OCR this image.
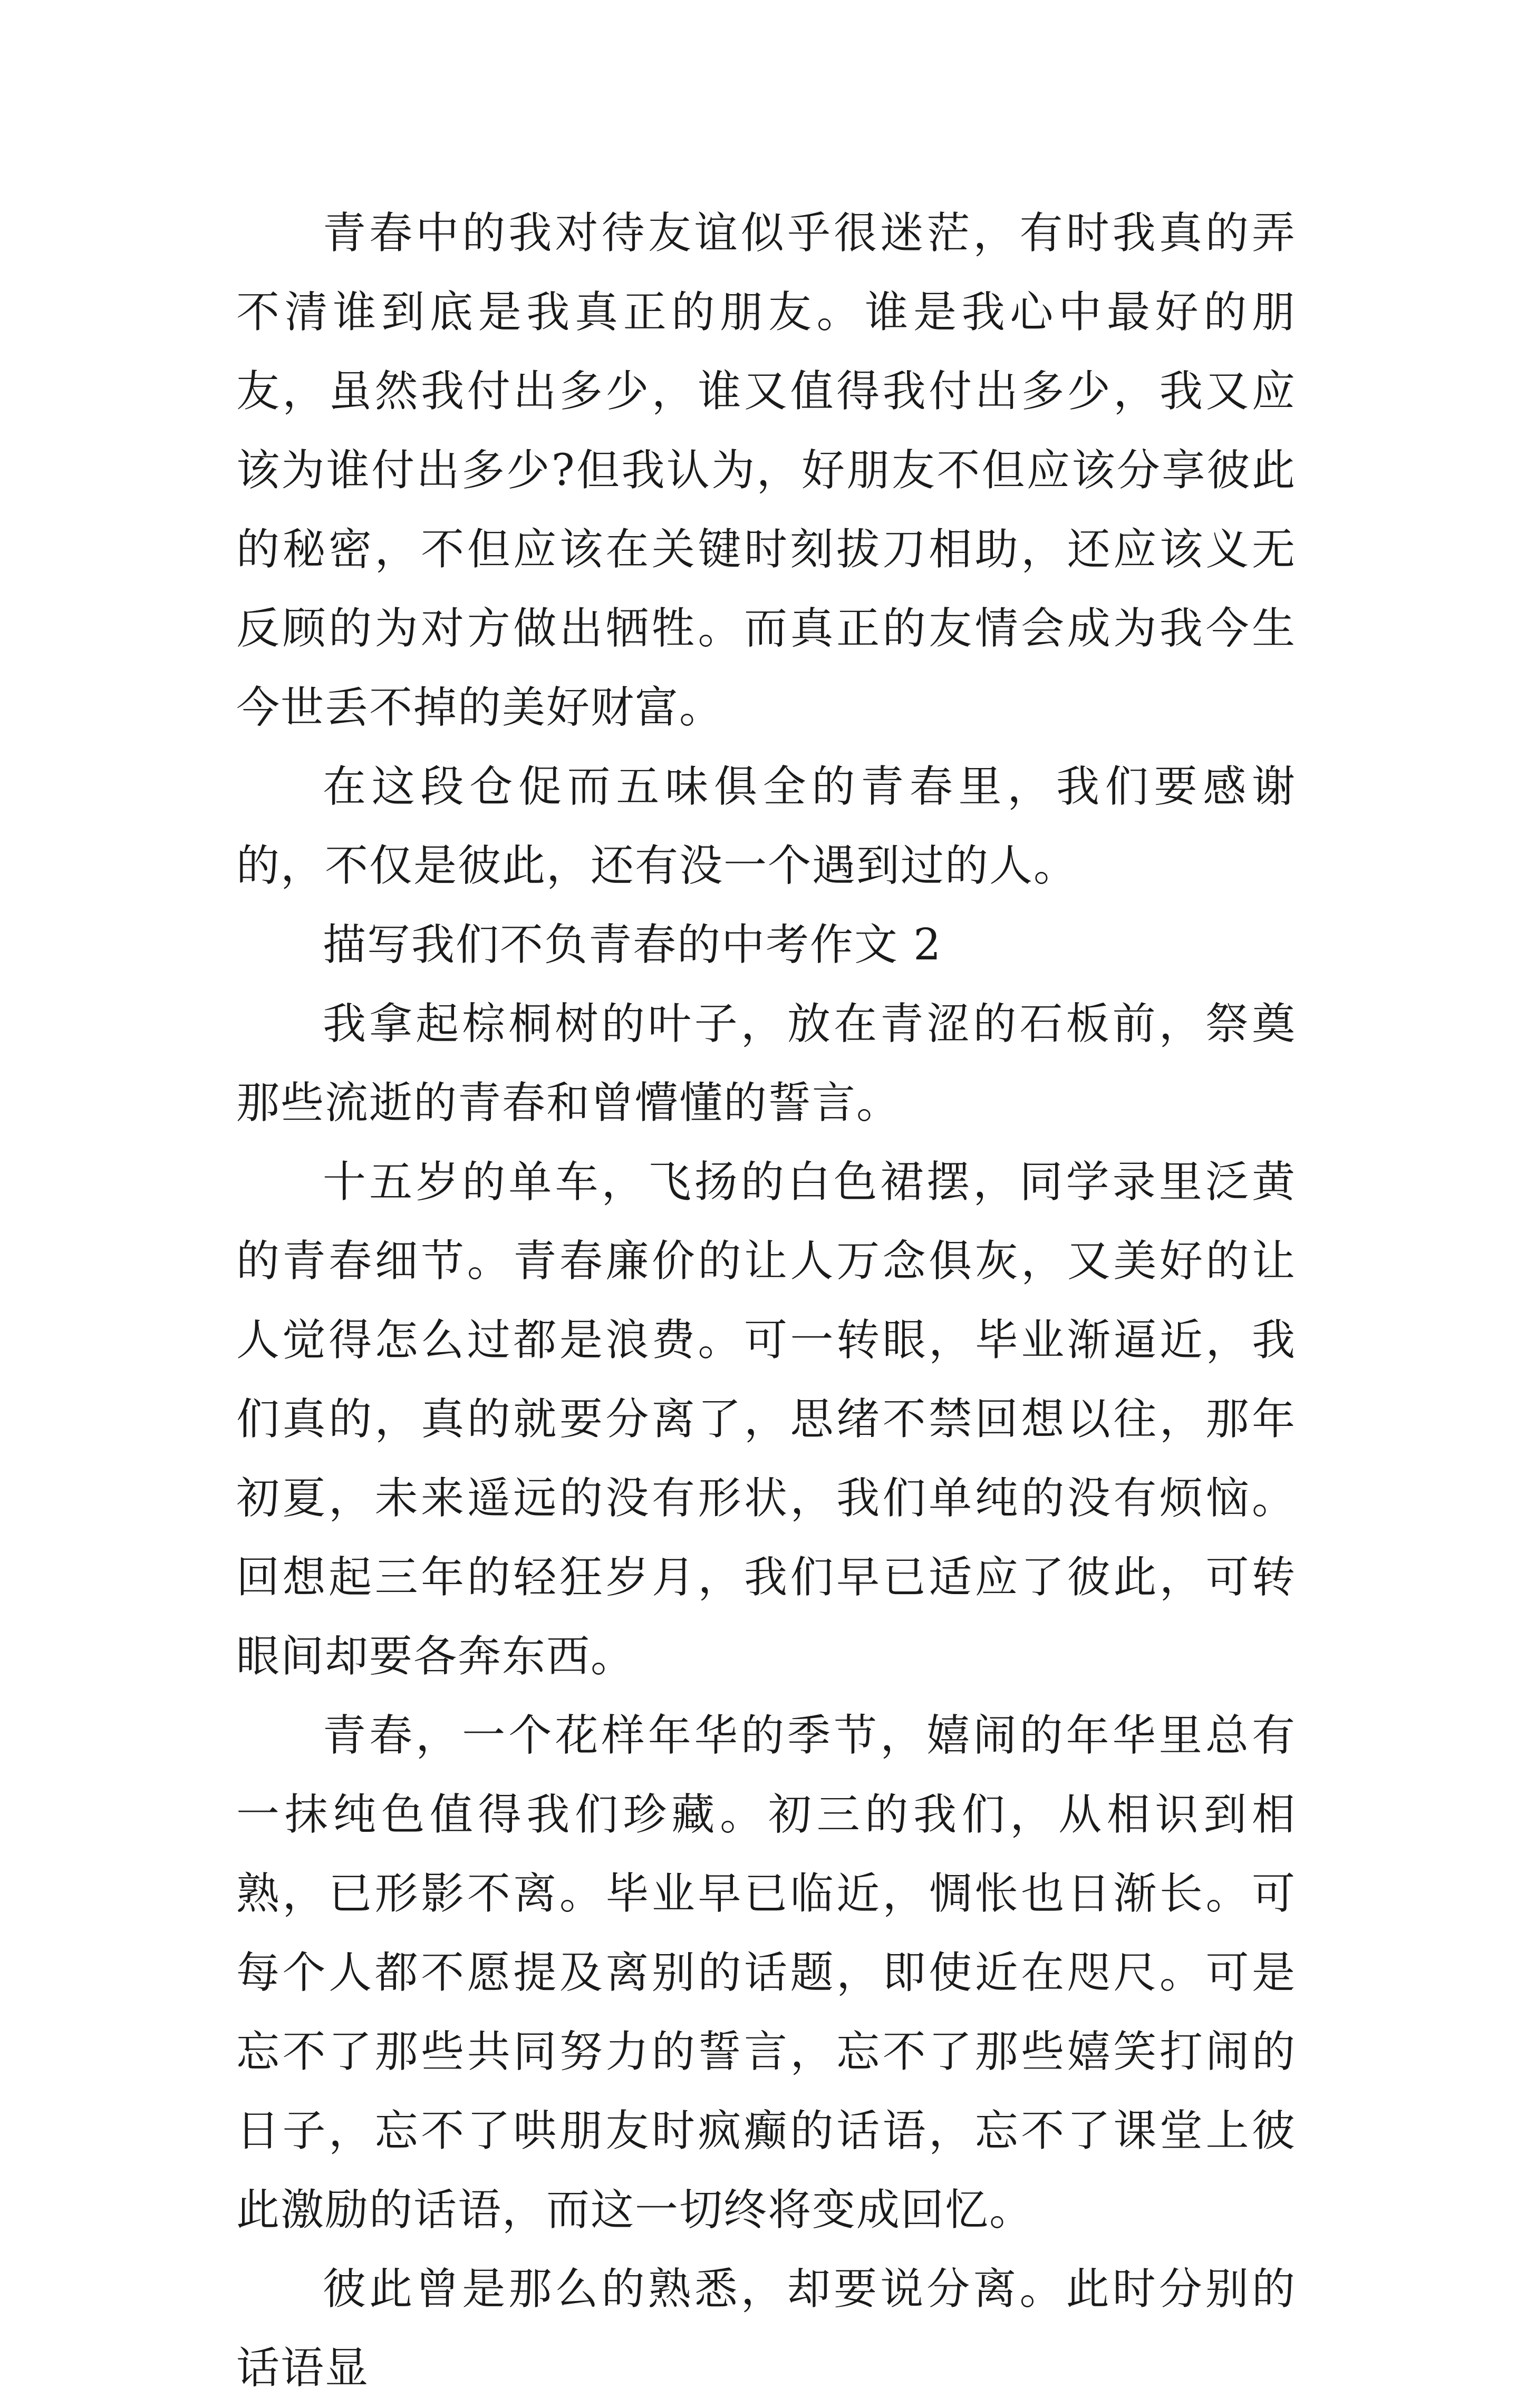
青春中的我对待友谊似乎很迷茫，有时我真的弄不清谁到底是我真正的朋友。谁是我心中最好的朋友，虽然我付出多少，谁又值得我付出多少，我又应该为谁付出多少?但我认为，好朋友不但应该分享彼此的秘密，不但应该在关键时刻拔刀相助，还应该义无反顾的为对方做出牺牲。而真正的友情会成为我今生今世丢不掉的美好财富。

在这段仓促而五味俱全的青春里，我们要感谢的，不仅是彼此，还有没一个遇到过的人。

描写我们不负青春的中考作文 2

我拿起棕桐树的叶子，放在青涩的石板前，祭奠那些流逝的青春和曾懵懂的誓言。

十五岁的单车，飞扬的白色裙摆，同学录里泛黄的青春细节。青春廉价的让人万念俱灰，又美好的让人觉得怎么过都是浪费。可一转眼，毕业渐逼近，我们真的，真的就要分离了，思绪不禁回想以往，那年初夏，未来遥远的没有形状，我们单纯的没有烦恼。回想起三年的轻狂岁月，我们早已适应了彼此，可转眼间却要各奔东西。

青春，一个花样年华的季节，嬉闹的年华里总有一抹纯色值得我们珍藏。初三的我们，从相识到相熟，已形影不离。毕业早已临近，惆怅也日渐长。可每个人都不愿提及离别的话题，即使近在咫尺。可是忘不了那些共同努力的誓言，忘不了那些嬉笑打闹的日子，忘不了哄朋友时疯癫的话语，忘不了课堂上彼此激励的话语，而这一切终将变成回忆。

彼此曾是那么的熟悉，却要说分离。此时分别的话语显
